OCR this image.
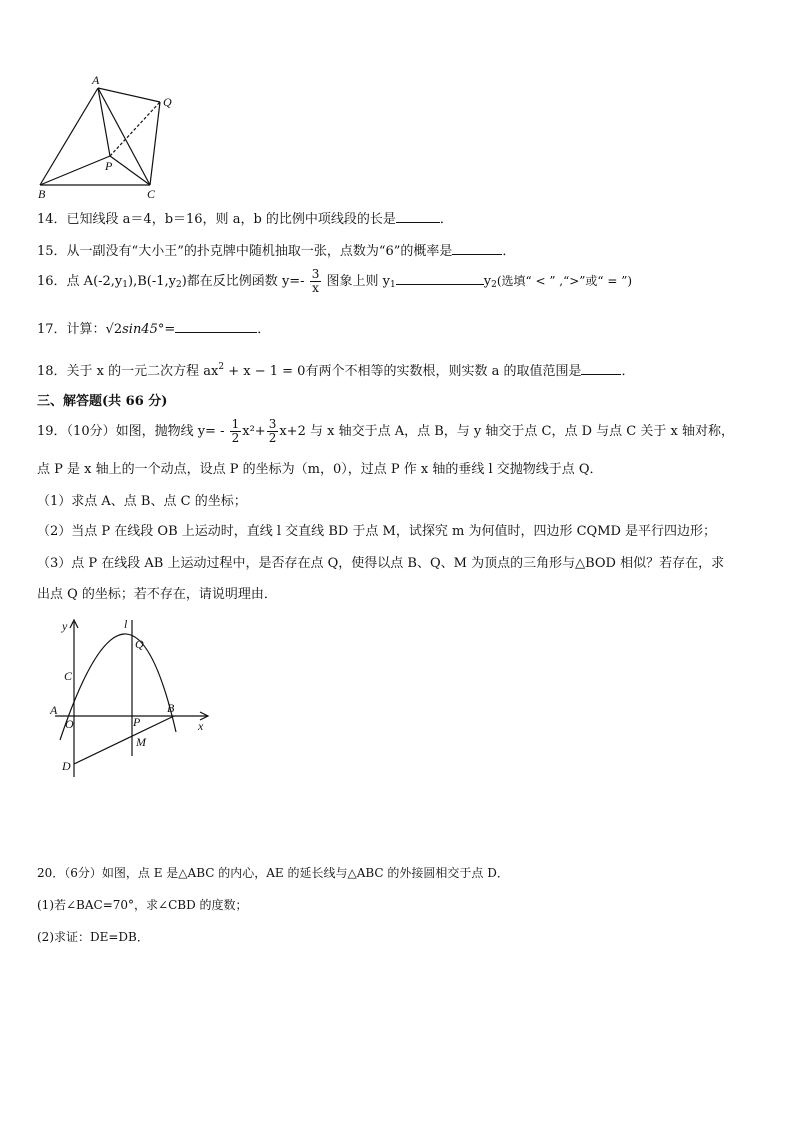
A
Q
P
B	C
14．已知线段 a＝4，b＝16，则 a，b 的比例中项线段的长是	．
15．从一副没有“大小王”的扑克牌中随机抽取一张，点数为“6”的概率是	．
16．点 $A(-2,y_1),B(-1,y_2)$都在反比例函数 $y=- \frac{3}{x}$ 图象上则 $y_1$	$y_2$(选填“ < ” ,“>”或“ = ”)
17．计算：√2sin45°=	．
18．关于 x 的一元二次方程 $ax^2 + x - 1 = 0$有两个不相等的实数根，则实数 a 的取值范围是	．
三、解答题(共 66 分)
19．（10分）如图，抛物线 $y= - \frac{1}{2} x^2+ \frac{3}{2} x+2$ 与 x 轴交于点 A，点 B，与 y 轴交于点 C，点 D 与点 C 关于 x 轴对称，
点 P 是 x 轴上的一个动点，设点 P 的坐标为（m，0），过点 P 作 x 轴的垂线 l 交抛物线于点 Q．
（1）求点 A、点 B、点 C 的坐标；
（2）当点 P 在线段 OB 上运动时，直线 l 交直线 BD 于点 M，试探究 m 为何值时，四边形 CQMD 是平行四边形；
（3）点 P 在线段 AB 上运动过程中，是否存在点 Q，使得以点 B、Q、M 为顶点的三角形与△BOD 相似？若存在，求
出点 Q 的坐标；若不存在，请说明理由．
y	l
Q
C
A
O	P
B
x
M
D
20．（6分）如图，点 E 是△ABC 的内心，AE 的延长线与△ABC 的外接圆相交于点 D．
(1)若∠BAC=70°，求∠CBD 的度数；
(2)求证：DE=DB．
